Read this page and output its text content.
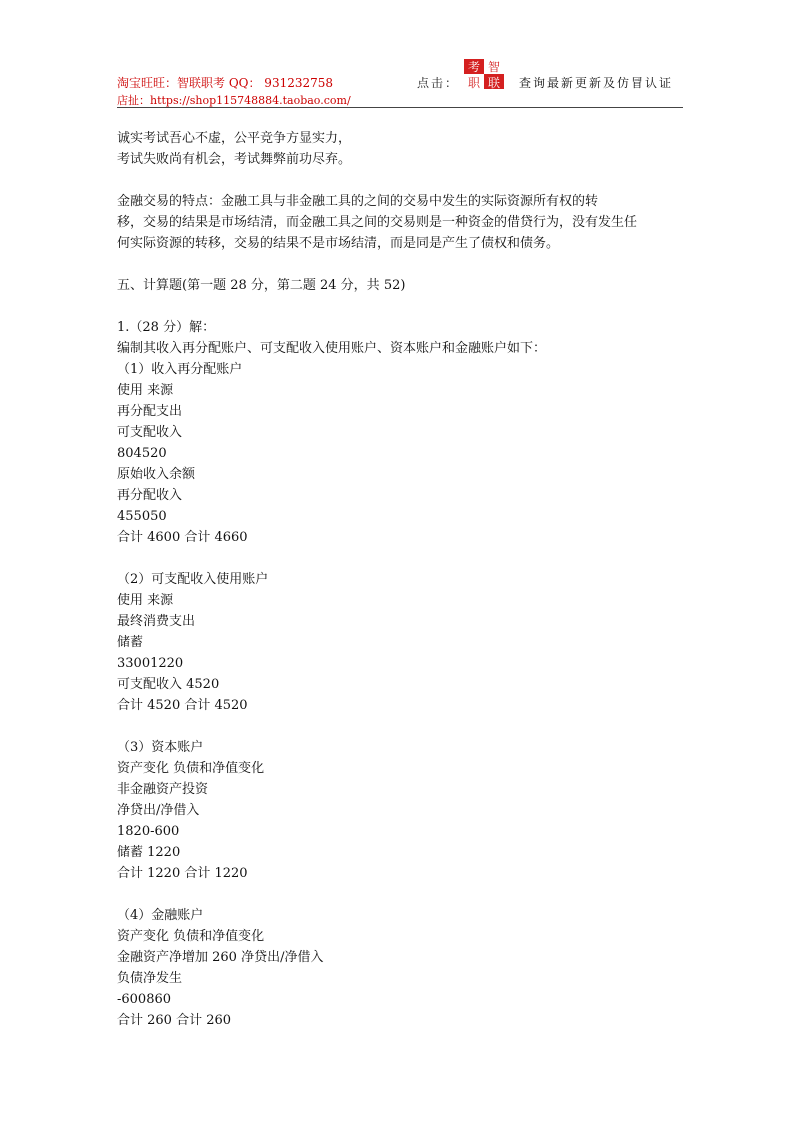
淘宝旺旺：智联职考 QQ： 931232758
店扯：https://shop115748884.taobao.com/
点击：
考 智
职 联 查询最新更新及仿冒认证
诚实考试吾心不虚，公平竞争方显实力，
考试失败尚有机会，考试舞弊前功尽弃。
金融交易的特点：金融工具与非金融工具的之间的交易中发生的实际资源所有权的转
移，交易的结果是市场结清，而金融工具之间的交易则是一种资金的借贷行为，没有发生任
何实际资源的转移，交易的结果不是市场结清，而是同是产生了债权和债务。
五、计算题(第一题 28 分，第二题 24 分，共 52)
1.（28 分）解：
编制其收入再分配账户、可支配收入使用账户、资本账户和金融账户如下：
（1）收入再分配账户
使用 来源
再分配支出
可支配收入
804520
原始收入余额
再分配收入
455050
合计 4600 合计 4660
（2）可支配收入使用账户
使用 来源
最终消费支出
储蓄
33001220
可支配收入 4520
合计 4520 合计 4520
（3）资本账户
资产变化 负债和净值变化
非金融资产投资
净贷出/净借入
1820-600
储蓄 1220
合计 1220 合计 1220
（4）金融账户
资产变化 负债和净值变化
金融资产净增加 260 净贷出/净借入
负债净发生
-600860
合计 260 合计 260
